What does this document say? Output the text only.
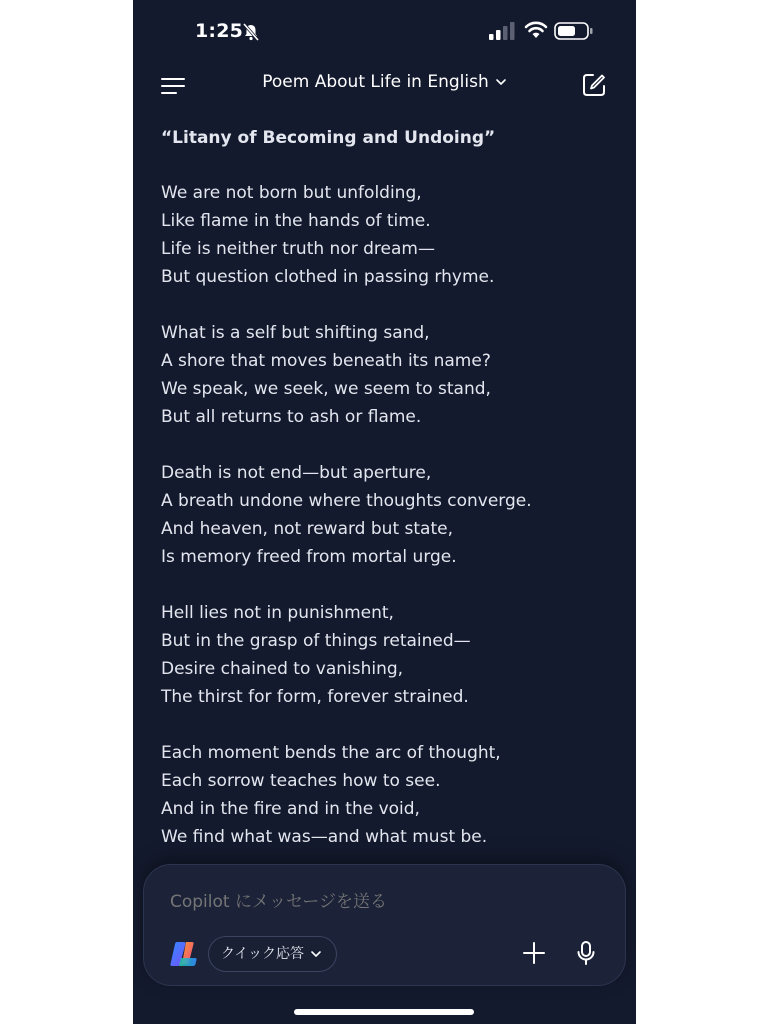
1:25
Poem About Life in English
“Litany of Becoming and Undoing”
We are not born but unfolding,
Like flame in the hands of time.
Life is neither truth nor dream—
But question clothed in passing rhyme.
What is a self but shifting sand,
A shore that moves beneath its name?
We speak, we seek, we seem to stand,
But all returns to ash or flame.
Death is not end—but aperture,
A breath undone where thoughts converge.
And heaven, not reward but state,
Is memory freed from mortal urge.
Hell lies not in punishment,
But in the grasp of things retained—
Desire chained to vanishing,
The thirst for form, forever strained.
Each moment bends the arc of thought,
Each sorrow teaches how to see.
And in the fire and in the void,
We find what was—and what must be.
Copilot にメッセージを送る
クイック応答
